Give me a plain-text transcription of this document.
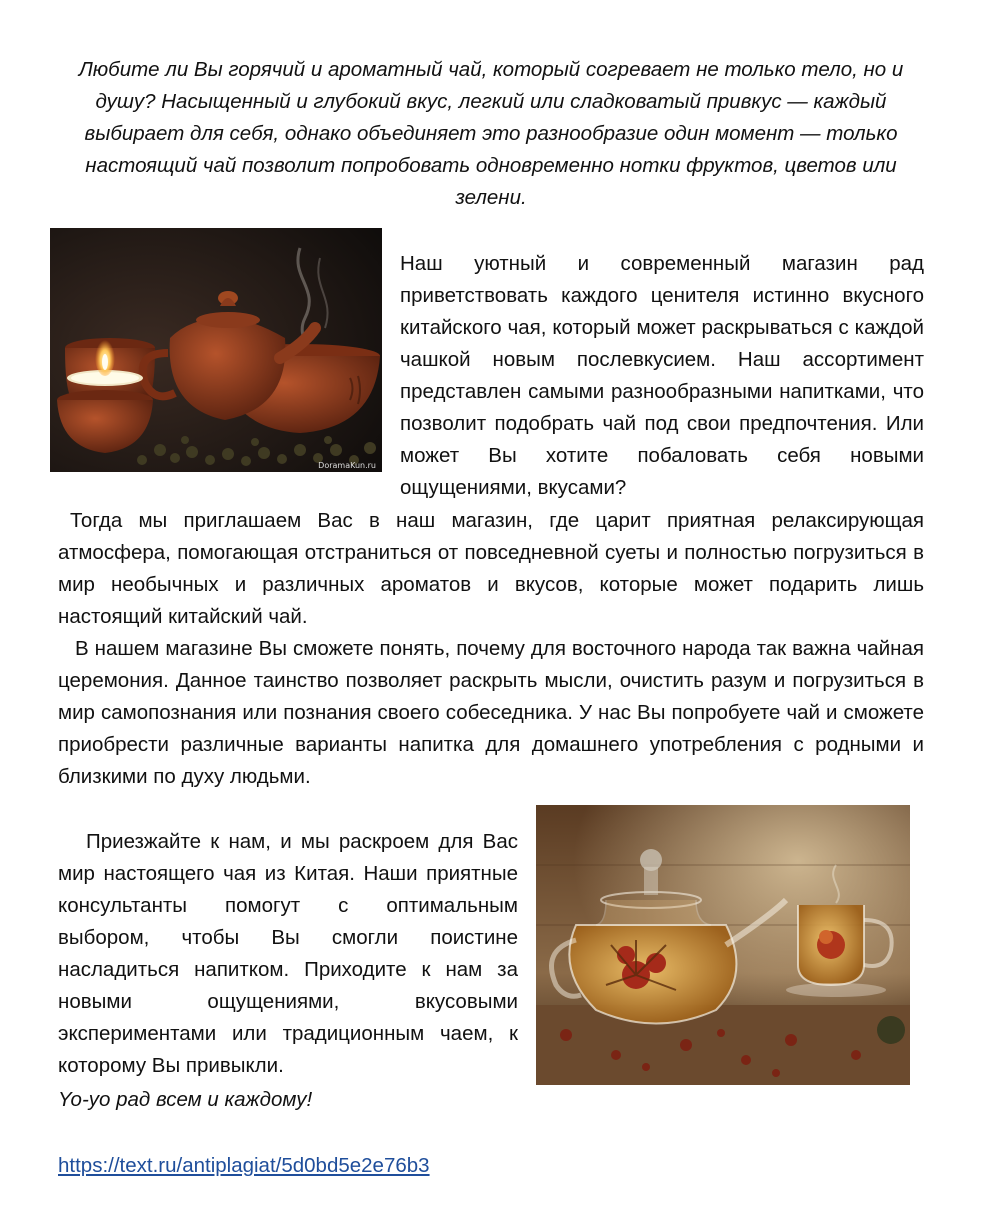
Любите ли Вы горячий и ароматный чай, который согревает не только тело, но и душу? Насыщенный и глубокий вкус, легкий или сладковатый привкус — каждый выбирает для себя, однако объединяет это разнообразие один момент — только настоящий чай позволит попробовать одновременно нотки фруктов, цветов или зелени.

DoramaKun.ru

Наш уютный и современный магазин рад приветствовать каждого ценителя истинно вкусного китайского чая, который может раскрываться с каждой чашкой новым послевкусием. Наш ассортимент представлен самыми разнообразными напитками, что позволит подобрать чай под свои предпочтения. Или может Вы хотите побаловать себя новыми ощущениями, вкусами?

Тогда мы приглашаем Вас в наш магазин, где царит приятная релаксирующая атмосфера, помогающая отстраниться от повседневной суеты и полностью погрузиться в мир необычных и различных ароматов и вкусов, которые может подарить лишь настоящий китайский чай.

В нашем магазине Вы сможете понять, почему для восточного народа так важна чайная церемония. Данное таинство позволяет раскрыть мысли, очистить разум и погрузиться в мир самопознания или познания своего собеседника. У нас Вы попробуете чай и сможете приобрести различные варианты напитка для домашнего употребления с родными и близкими по духу людьми.

Приезжайте к нам, и мы раскроем для Вас мир настоящего чая из Китая. Наши приятные консультанты помогут с оптимальным выбором, чтобы Вы смогли поистине насладиться напитком. Приходите к нам за новыми ощущениями, вкусовыми экспериментами или традиционным чаем, к которому Вы привыкли.

Yo-yo рад всем и каждому!

https://text.ru/antiplagiat/5d0bd5e2e76b3
